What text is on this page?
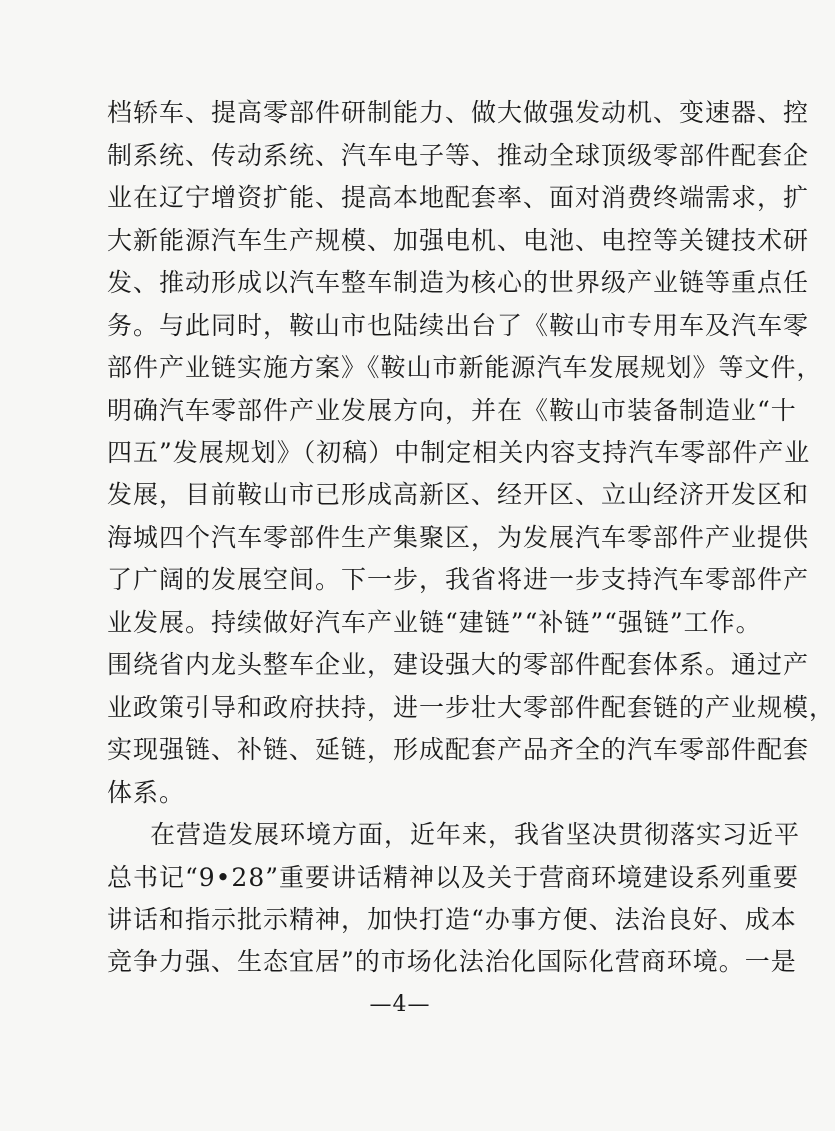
档轿车、提高零部件研制能力、做大做强发动机、变速器、控
制系统、传动系统、汽车电子等、推动全球顶级零部件配套企
业在辽宁增资扩能、提高本地配套率、面对消费终端需求，扩
大新能源汽车生产规模、加强电机、电池、电控等关键技术研
发、推动形成以汽车整车制造为核心的世界级产业链等重点任
务。与此同时，鞍山市也陆续出台了《鞍山市专用车及汽车零
部件产业链实施方案》《鞍山市新能源汽车发展规划》等文件，
明确汽车零部件产业发展方向，并在《鞍山市装备制造业“十
四五”发展规划》（初稿）中制定相关内容支持汽车零部件产业
发展，目前鞍山市已形成高新区、经开区、立山经济开发区和
海城四个汽车零部件生产集聚区，为发展汽车零部件产业提供
了广阔的发展空间。下一步，我省将进一步支持汽车零部件产
业发展。持续做好汽车产业链“建链”“补链”“强链”工作。
围绕省内龙头整车企业，建设强大的零部件配套体系。通过产
业政策引导和政府扶持，进一步壮大零部件配套链的产业规模，
实现强链、补链、延链，形成配套产品齐全的汽车零部件配套
体系。
在营造发展环境方面，近年来，我省坚决贯彻落实习近平
总书记“9•28”重要讲话精神以及关于营商环境建设系列重要
讲话和指示批示精神，加快打造“办事方便、法治良好、成本
竞争力强、生态宜居”的市场化法治化国际化营商环境。一是
—4—
